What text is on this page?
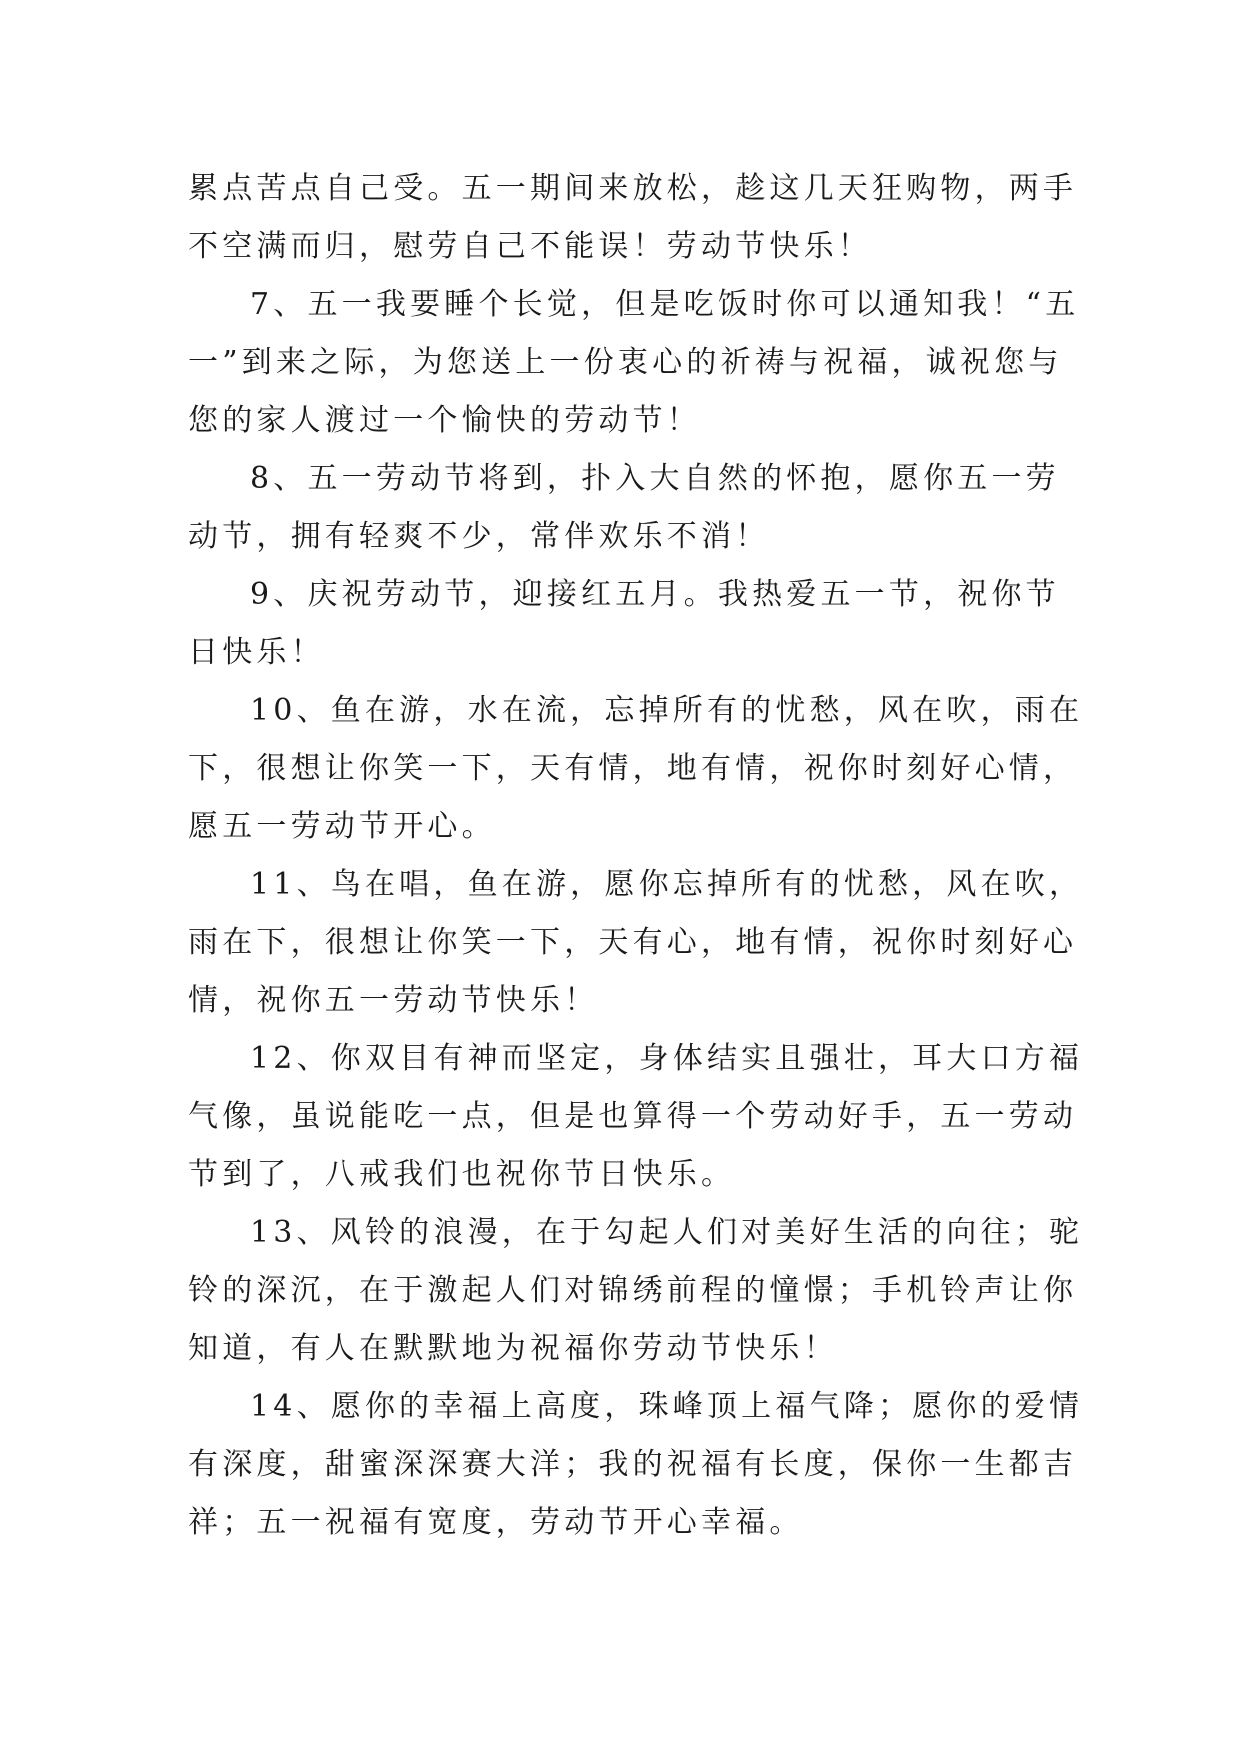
累点苦点自己受。五一期间来放松，趁这几天狂购物，两手
不空满而归，慰劳自己不能误！劳动节快乐！
7、五一我要睡个长觉，但是吃饭时你可以通知我！“五
一”到来之际，为您送上一份衷心的祈祷与祝福，诚祝您与
您的家人渡过一个愉快的劳动节！
8、五一劳动节将到，扑入大自然的怀抱，愿你五一劳
动节，拥有轻爽不少，常伴欢乐不消！
9、庆祝劳动节，迎接红五月。我热爱五一节，祝你节
日快乐！
10、鱼在游，水在流，忘掉所有的忧愁，风在吹，雨在
下，很想让你笑一下，天有情，地有情，祝你时刻好心情，
愿五一劳动节开心。
11、鸟在唱，鱼在游，愿你忘掉所有的忧愁，风在吹，
雨在下，很想让你笑一下，天有心，地有情，祝你时刻好心
情，祝你五一劳动节快乐！
12、你双目有神而坚定，身体结实且强壮，耳大口方福
气像，虽说能吃一点，但是也算得一个劳动好手，五一劳动
节到了，八戒我们也祝你节日快乐。
13、风铃的浪漫，在于勾起人们对美好生活的向往；驼
铃的深沉，在于激起人们对锦绣前程的憧憬；手机铃声让你
知道，有人在默默地为祝福你劳动节快乐！
14、愿你的幸福上高度，珠峰顶上福气降；愿你的爱情
有深度，甜蜜深深赛大洋；我的祝福有长度，保你一生都吉
祥；五一祝福有宽度，劳动节开心幸福。
